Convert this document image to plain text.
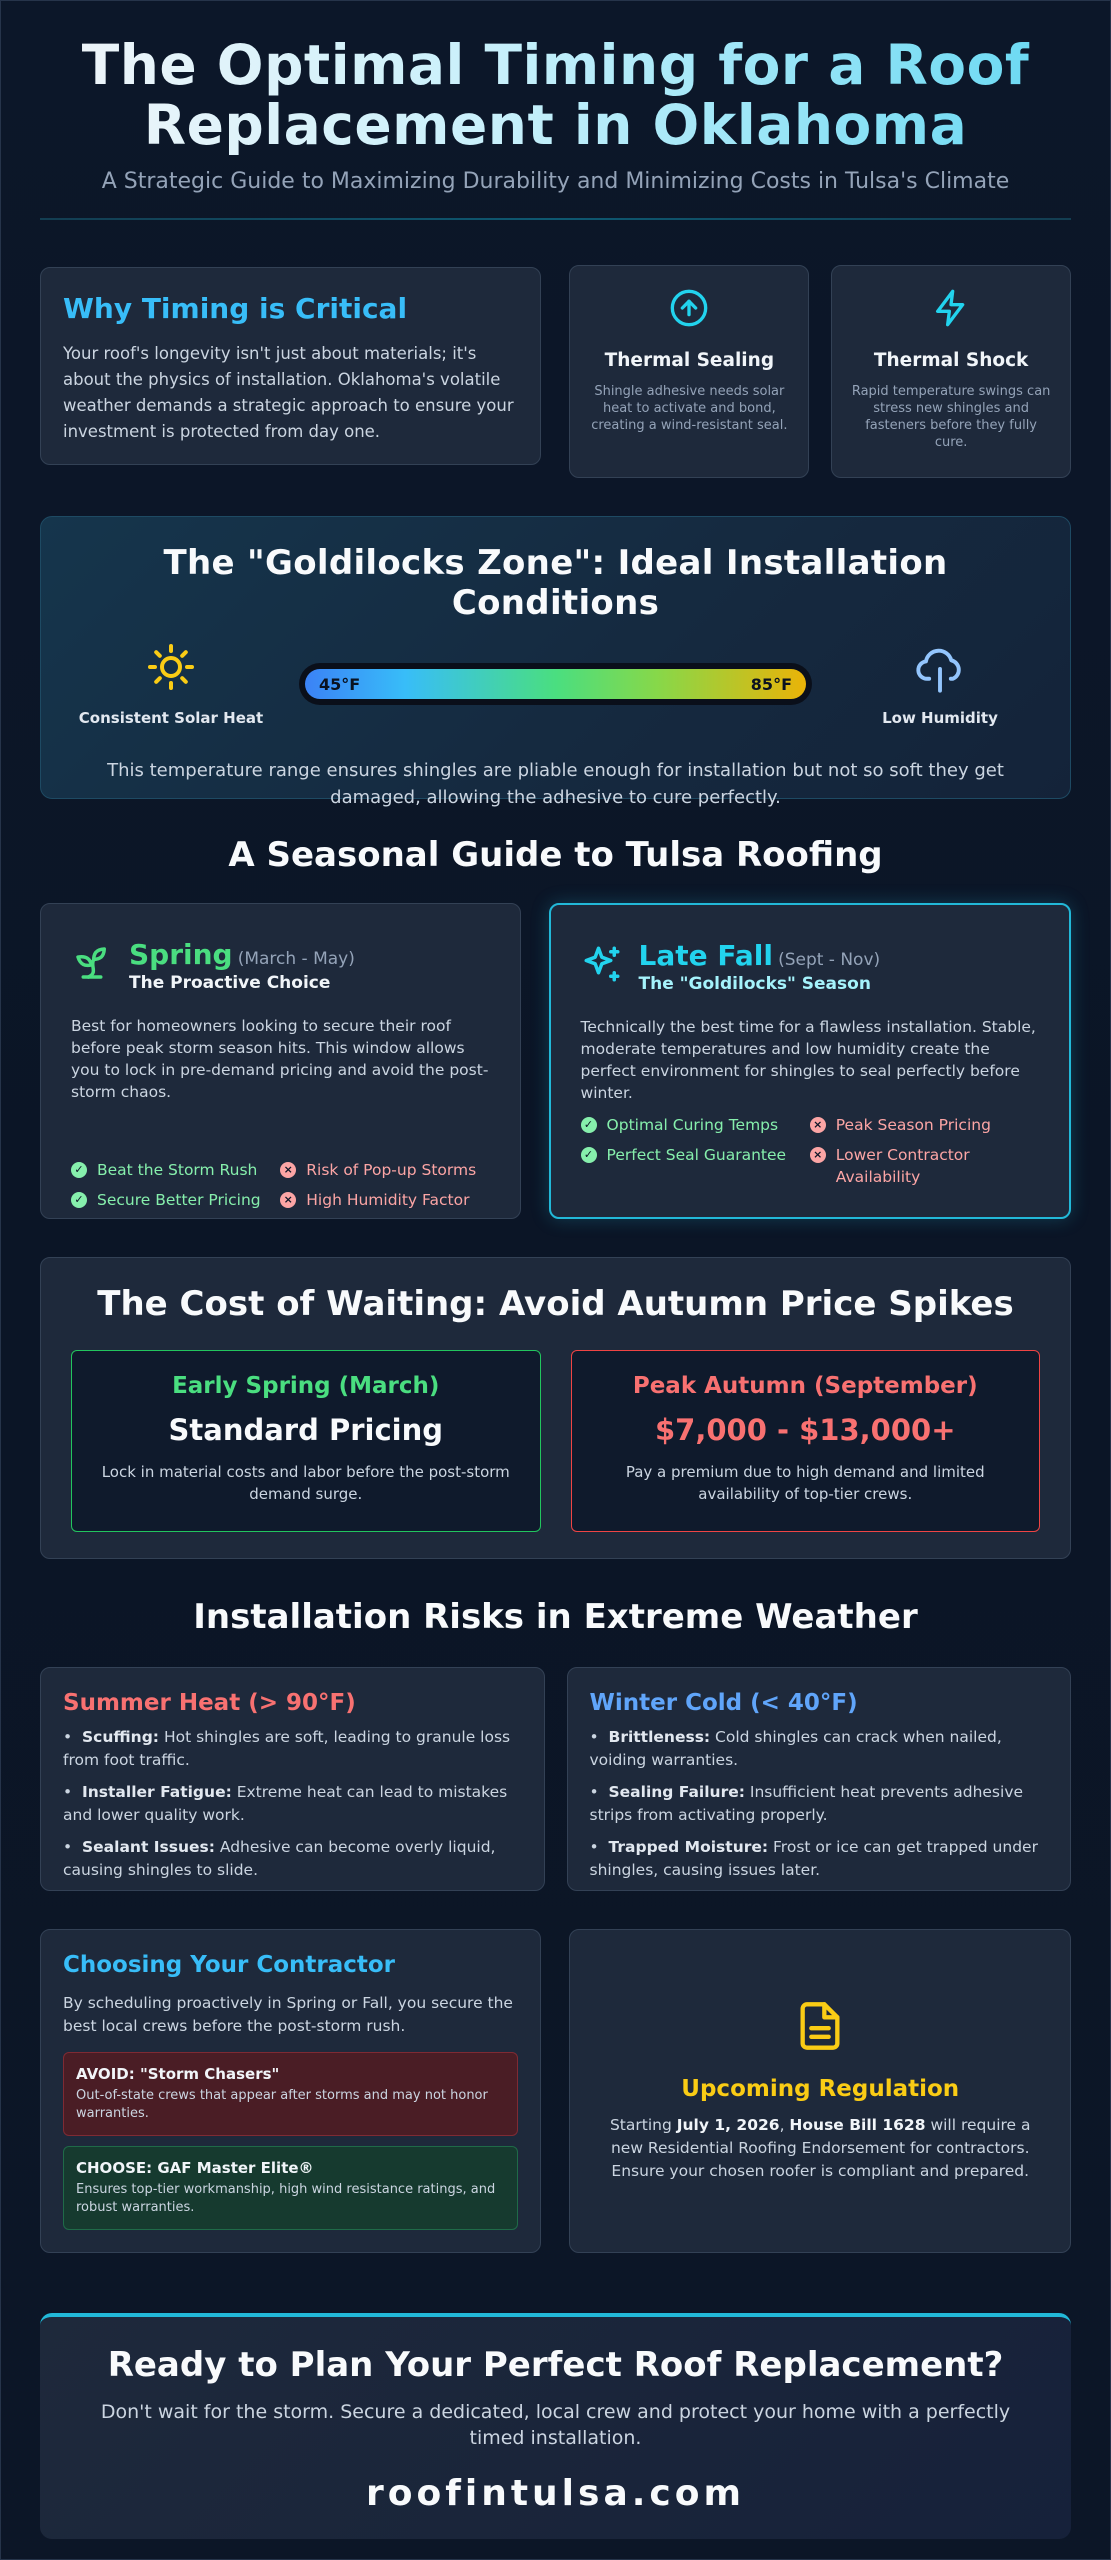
The Optimal Timing for a Roof
Replacement in Oklahoma
A Strategic Guide to Maximizing Durability and Minimizing Costs in Tulsa's Climate
Why Timing is Critical

Your roof's longevity isn't just about materials; it's about the physics of installation. Oklahoma's volatile weather demands a strategic approach to ensure your investment is protected from day one.

Thermal Sealing

Shingle adhesive needs solar heat to activate and bond, creating a wind-resistant seal.

Thermal Shock

Rapid temperature swings can stress new shingles and fasteners before they fully cure.

The "Goldilocks Zone": Ideal Installation Conditions
Consistent Solar Heat
45°F	85°F
Low Humidity

This temperature range ensures shingles are pliable enough for installation but not so soft they get damaged, allowing the adhesive to cure perfectly.

A Seasonal Guide to Tulsa Roofing
Spring (March - May)
The Proactive Choice

Best for homeowners looking to secure their roof before peak storm season hits. This window allows you to lock in pre-demand pricing and avoid the post-storm chaos.

✓ Beat the Storm Rush
✓ Secure Better Pricing
× Risk of Pop-up Storms
× High Humidity Factor
Late Fall (Sept - Nov)
The "Goldilocks" Season

Technically the best time for a flawless installation. Stable, moderate temperatures and low humidity create the perfect environment for shingles to seal perfectly before winter.

✓ Optimal Curing Temps
✓ Perfect Seal Guarantee
× Peak Season Pricing
× Lower Contractor Availability
The Cost of Waiting: Avoid Autumn Price Spikes
Early Spring (March)
Standard Pricing
Lock in material costs and labor before the post-storm demand surge.
Peak Autumn (September)
$7,000 - $13,000+
Pay a premium due to high demand and limited availability of top-tier crews.
Installation Risks in Extreme Weather
Summer Heat (> 90°F)
•  Scuffing: Hot shingles are soft, leading to granule loss from foot traffic.
•  Installer Fatigue: Extreme heat can lead to mistakes and lower quality work.
•  Sealant Issues: Adhesive can become overly liquid, causing shingles to slide.
Winter Cold (< 40°F)
•  Brittleness: Cold shingles can crack when nailed, voiding warranties.
•  Sealing Failure: Insufficient heat prevents adhesive strips from activating properly.
•  Trapped Moisture: Frost or ice can get trapped under shingles, causing issues later.
Choosing Your Contractor

By scheduling proactively in Spring or Fall, you secure the best local crews before the post-storm rush.

AVOID: "Storm Chasers"
Out-of-state crews that appear after storms and may not honor warranties.
CHOOSE: GAF Master Elite®
Ensures top-tier workmanship, high wind resistance ratings, and robust warranties.
Upcoming Regulation

Starting July 1, 2026, House Bill 1628 will require a new Residential Roofing Endorsement for contractors. Ensure your chosen roofer is compliant and prepared.

Ready to Plan Your Perfect Roof Replacement?

Don't wait for the storm. Secure a dedicated, local crew and protect your home with a perfectly timed installation.

roofintulsa.com
